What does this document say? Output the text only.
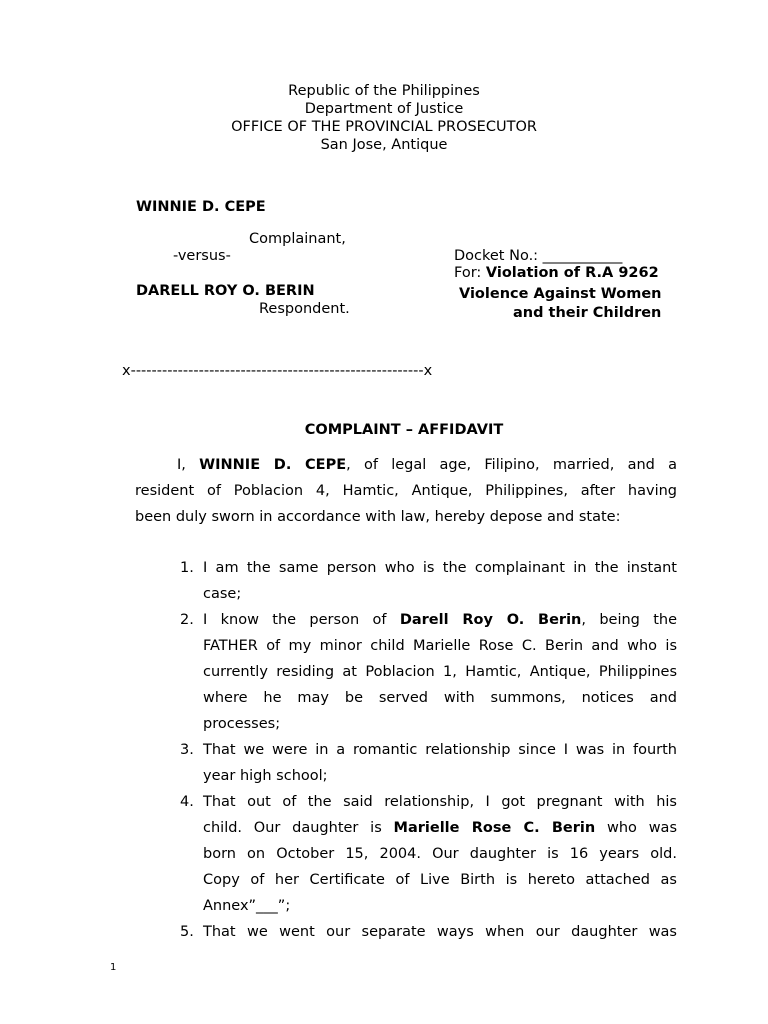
Republic of the Philippines
Department of Justice
OFFICE OF THE PROVINCIAL PROSECUTOR
San Jose, Antique
WINNIE D. CEPE
Complainant,
-versus-
DARELL ROY O. BERIN
Respondent.
Docket No.: ___________
For: Violation of R.A 9262
Violence Against Women
and their Children
x--------------------------------------------------------x
COMPLAINT – AFFIDAVIT
I, WINNIE D. CEPE, of legal age, Filipino, married, and a
resident of Poblacion 4, Hamtic, Antique, Philippines, after having
been duly sworn in accordance with law, hereby depose and state:
1. I am the same person who is the complainant in the instant
case;
2. I know the person of Darell Roy O. Berin, being the
FATHER of my minor child Marielle Rose C. Berin and who is
currently residing at Poblacion 1, Hamtic, Antique, Philippines
where he may be served with summons, notices and
processes;
3. That we were in a romantic relationship since I was in fourth
year high school;
4. That out of the said relationship, I got pregnant with his
child. Our daughter is Marielle Rose C. Berin who was
born on October 15, 2004. Our daughter is 16 years old.
Copy of her Certificate of Live Birth is hereto attached as
Annex”___”;
5. That we went our separate ways when our daughter was
1
